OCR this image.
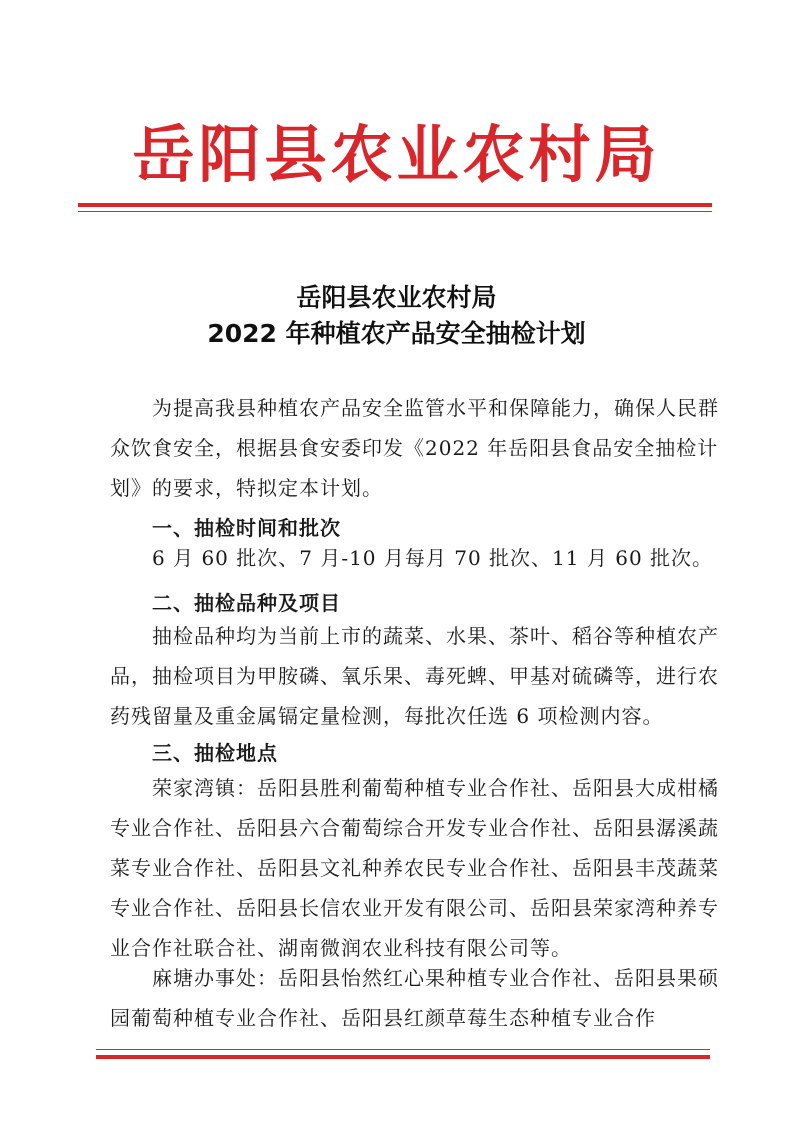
岳阳县农业农村局
岳阳县农业农村局
2022 年种植农产品安全抽检计划

为提高我县种植农产品安全监管水平和保障能力，确保人民群众饮食安全，根据县食安委印发《2022 年岳阳县食品安全抽检计划》的要求，特拟定本计划。

一、抽检时间和批次

6 月 60 批次、7 月-10 月每月 70 批次、11 月 60 批次。

二、抽检品种及项目

抽检品种均为当前上市的蔬菜、水果、茶叶、稻谷等种植农产品，抽检项目为甲胺磷、氧乐果、毒死蜱、甲基对硫磷等，进行农药残留量及重金属镉定量检测，每批次任选 6 项检测内容。

三、抽检地点

荣家湾镇：岳阳县胜利葡萄种植专业合作社、岳阳县大成柑橘专业合作社、岳阳县六合葡萄综合开发专业合作社、岳阳县潺溪蔬菜专业合作社、岳阳县文礼种养农民专业合作社、岳阳县丰茂蔬菜专业合作社、岳阳县长信农业开发有限公司、岳阳县荣家湾种养专业合作社联合社、湖南微润农业科技有限公司等。

麻塘办事处：岳阳县怡然红心果种植专业合作社、岳阳县果硕园葡萄种植专业合作社、岳阳县红颜草莓生态种植专业合作
